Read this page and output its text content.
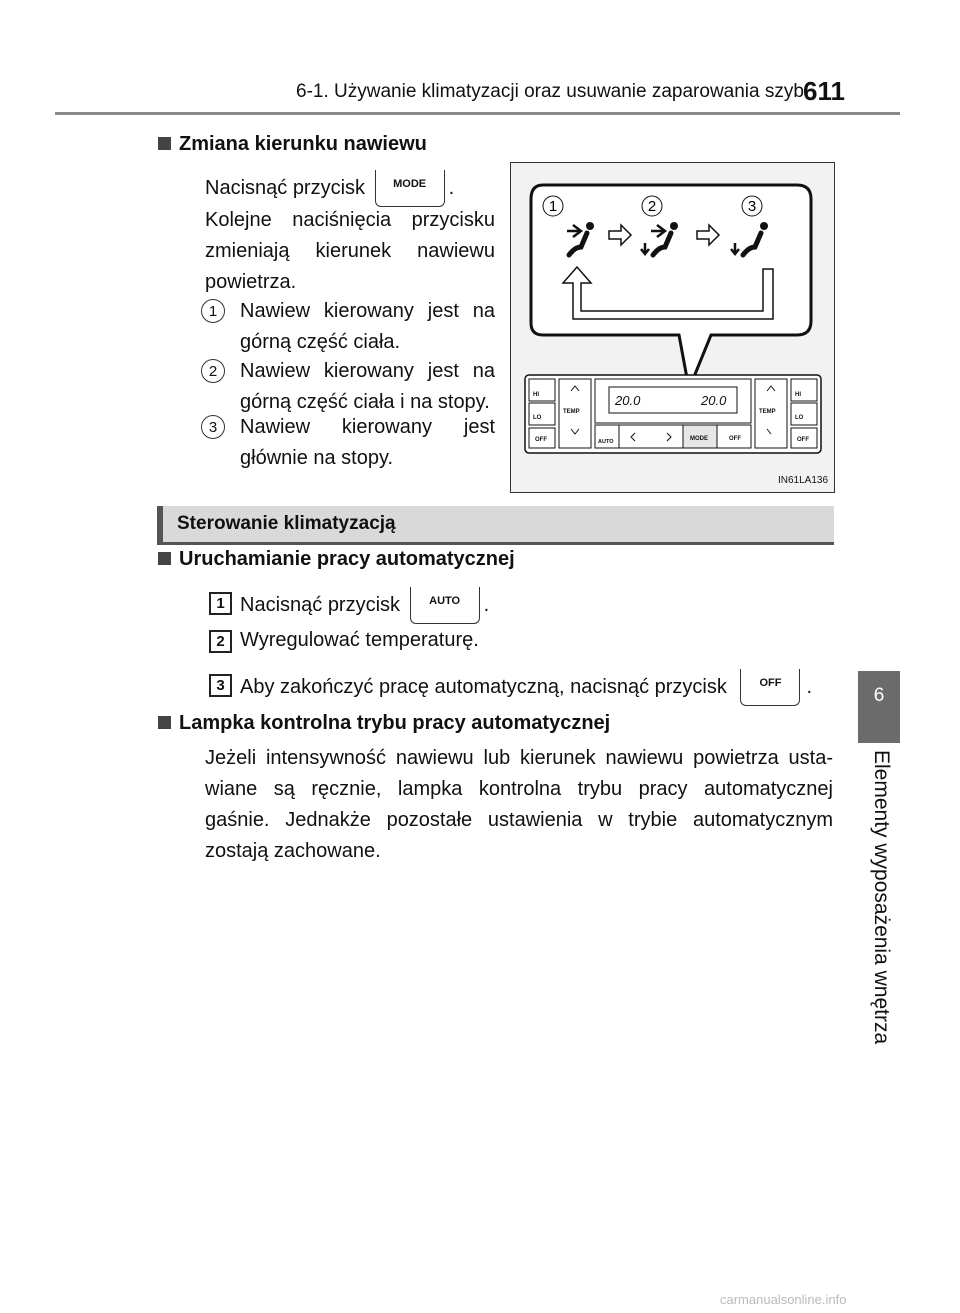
6-1. Używanie klimatyzacji oraz usuwanie zaparowania szyb 611
6
Elementy wyposażenia wnętrza
Zmiana kierunku nawiewu
Nacisnąć przycisk	MODE	.
Kolejne naciśnięcia przycisku
zmieniają kierunek nawiewu
powietrza.
1	Nawiew kierowany jest na
górną część ciała.
2	Nawiew kierowany jest na
górną część ciała i na stopy.
3	Nawiew kierowany jest
głównie na stopy.
1	2	3
HI
LO
OFF
TEMP
20.0	20.0
AUTO	MODE	OFF
TEMP
HI
LO
OFF
IN61LA136
Sterowanie klimatyzacją
Uruchamianie pracy automatycznej
1 Nacisnąć przycisk	AUTO	.
2 Wyregulować temperaturę.
3 Aby zakończyć pracę automatyczną, nacisnąć przycisk	OFF	.
Lampka kontrolna trybu pracy automatycznej
Jeżeli intensywność nawiewu lub kierunek nawiewu powietrza usta-
wiane są ręcznie, lampka kontrolna trybu pracy automatycznej
gaśnie. Jednakże pozostałe ustawienia w trybie automatycznym
zostają zachowane.
carmanualsonline.info
